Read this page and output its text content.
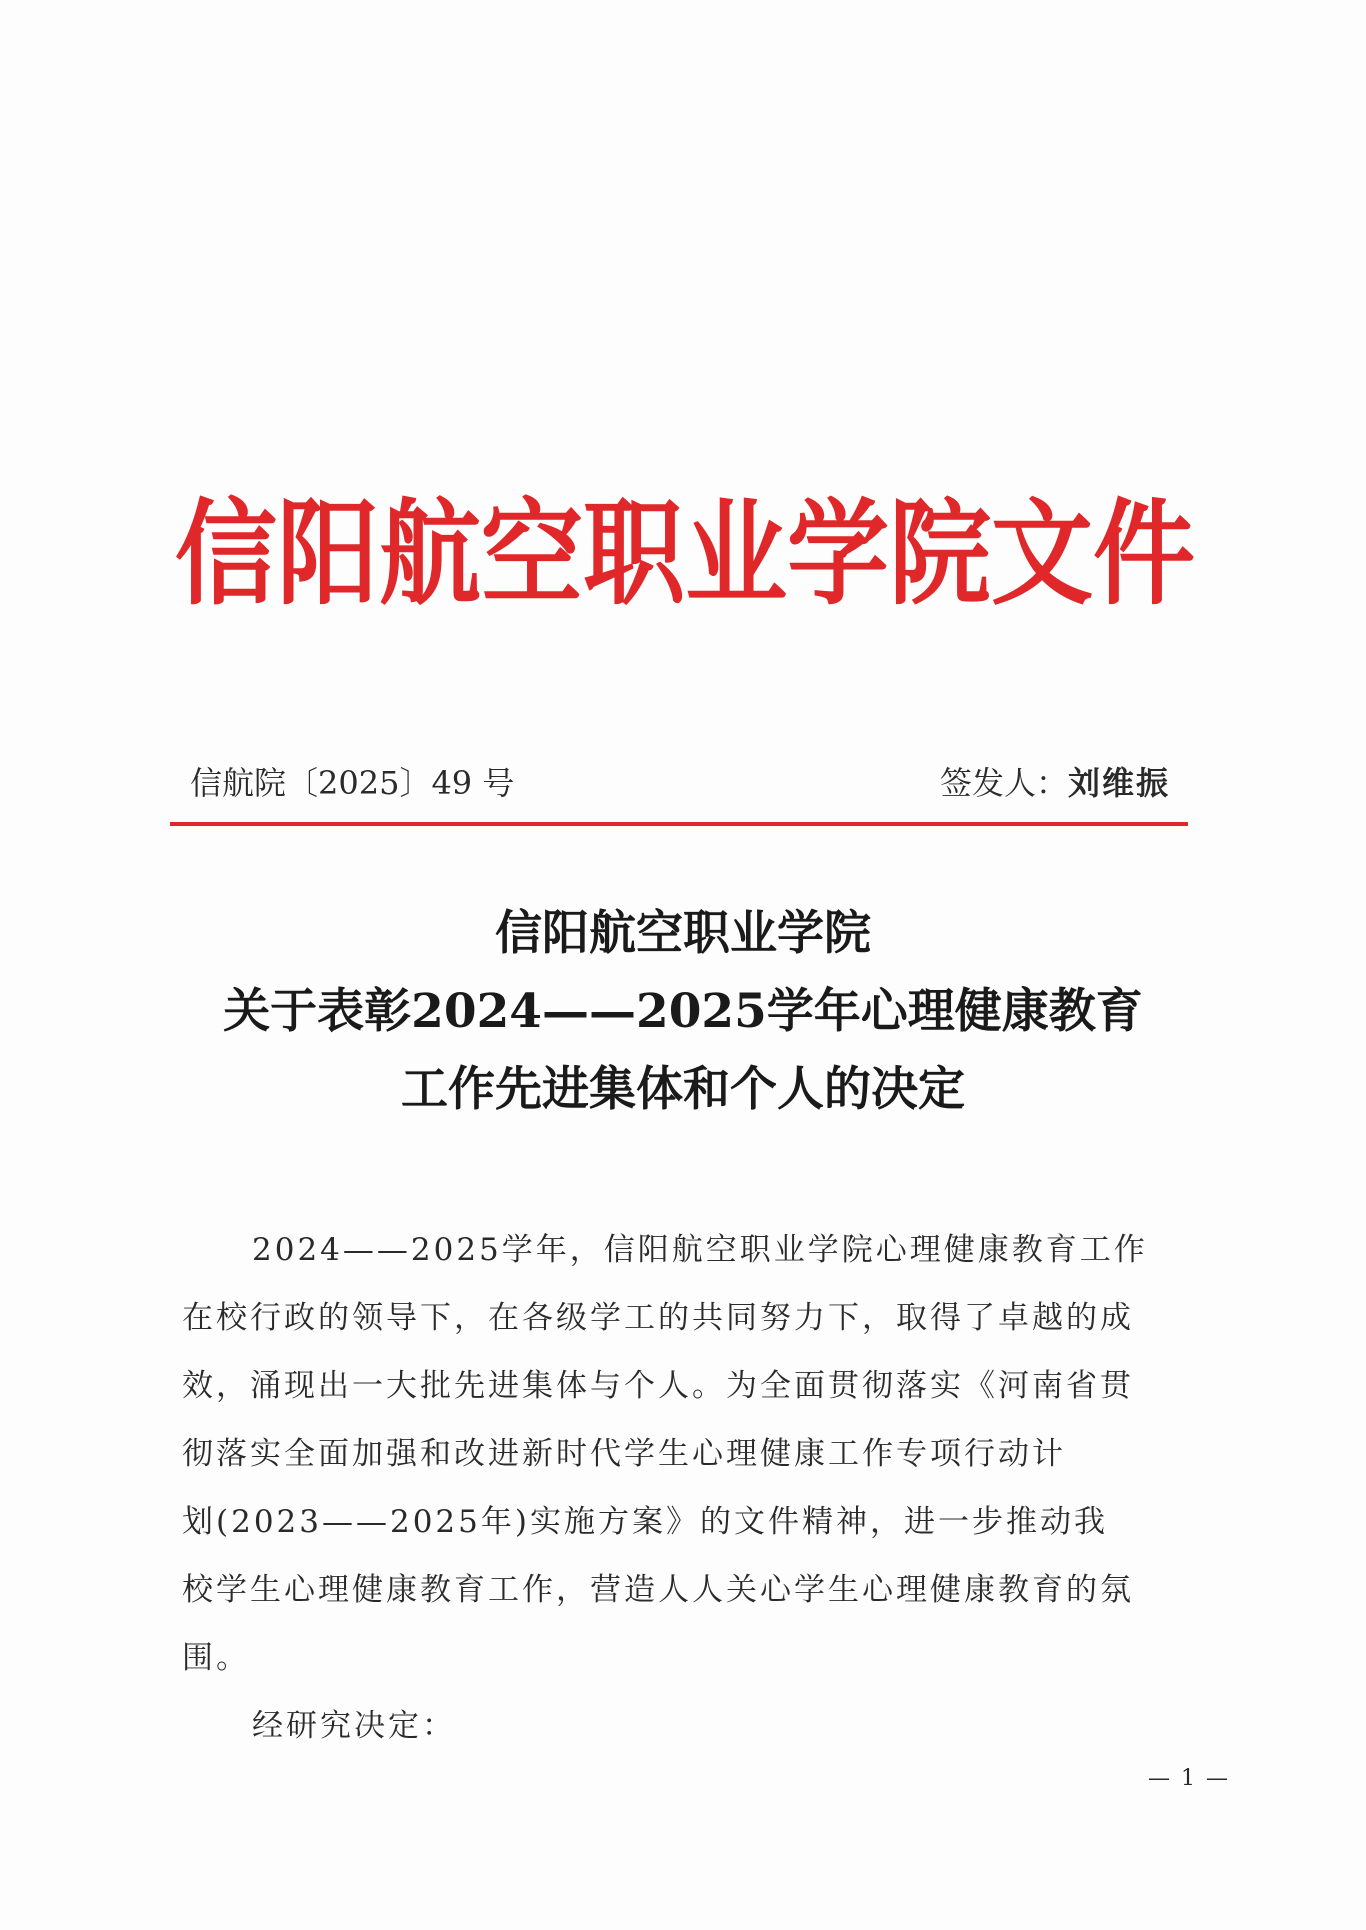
信阳航空职业学院文件
信航院〔2025〕49 号	签发人：刘维振
信阳航空职业学院
关于表彰2024——2025学年心理健康教育
工作先进集体和个人的决定
2024——2025学年，信阳航空职业学院心理健康教育工作
在校行政的领导下，在各级学工的共同努力下，取得了卓越的成
效，涌现出一大批先进集体与个人。为全面贯彻落实《河南省贯
彻落实全面加强和改进新时代学生心理健康工作专项行动计
划(2023——2025年)实施方案》的文件精神，进一步推动我
校学生心理健康教育工作，营造人人关心学生心理健康教育的氛
围。
经研究决定：
— 1 —
